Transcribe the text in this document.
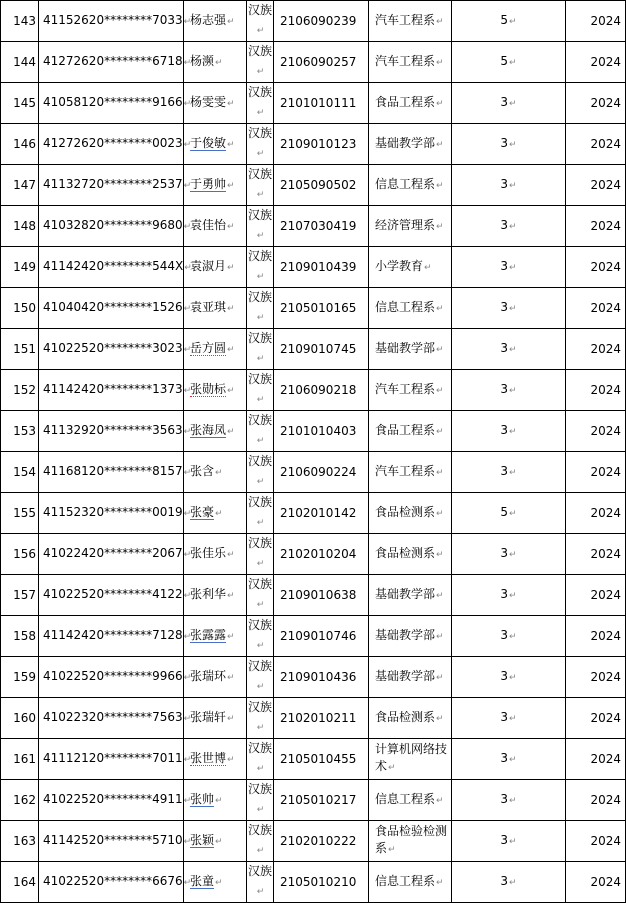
143	41152620********7033↵	杨志强↵	汉族↵	2106090239	汽车工程系↵	5↵	2024
144	41272620********6718↵	杨濒↵	汉族↵	2106090257	汽车工程系↵	5↵	2024
145	41058120********9166↵	杨雯雯↵	汉族↵	2101010111	食品工程系↵	3↵	2024
146	41272620********0023↵	于俊敏↵	汉族↵	2109010123	基础教学部↵	3↵	2024
147	41132720********2537↵	于勇帅↵	汉族↵	2105090502	信息工程系↵	3↵	2024
148	41032820********9680↵	袁佳怡↵	汉族↵	2107030419	经济管理系↵	3↵	2024
149	41142420********544X↵	袁淑月↵	汉族↵	2109010439	小学教育↵	3↵	2024
150	41040420********1526↵	袁亚琪↵	汉族↵	2105010165	信息工程系↵	3↵	2024
151	41022520********3023↵	岳方圆↵	汉族↵	2109010745	基础教学部↵	3↵	2024
152	41142420********1373↵	张勋标↵	汉族↵	2106090218	汽车工程系↵	3↵	2024
153	41132920********3563↵	张海凤↵	汉族↵	2101010403	食品工程系↵	3↵	2024
154	41168120********8157↵	张含↵	汉族↵	2106090224	汽车工程系↵	3↵	2024
155	41152320********0019↵	张豪↵	汉族↵	2102010142	食品检测系↵	5↵	2024
156	41022420********2067↵	张佳乐↵	汉族↵	2102010204	食品检测系↵	3↵	2024
157	41022520********4122↵	张利华↵	汉族↵	2109010638	基础教学部↵	3↵	2024
158	41142420********7128↵	张露露↵	汉族↵	2109010746	基础教学部↵	3↵	2024
159	41022520********9966↵	张瑞环↵	汉族↵	2109010436	基础教学部↵	3↵	2024
160	41022320********7563↵	张瑞轩↵	汉族↵	2102010211	食品检测系↵	3↵	2024
161	41112120********7011↵	张世博↵	汉族↵	2105010455	计算机网络技术↵	3↵	2024
162	41022520********4911↵	张帅↵	汉族↵	2105010217	信息工程系↵	3↵	2024
163	41142520********5710↵	张颖↵	汉族↵	2102010222	食品检验检测系↵	3↵	2024
164	41022520********6676↵	张童↵	汉族↵	2105010210	信息工程系↵	3↵	2024
